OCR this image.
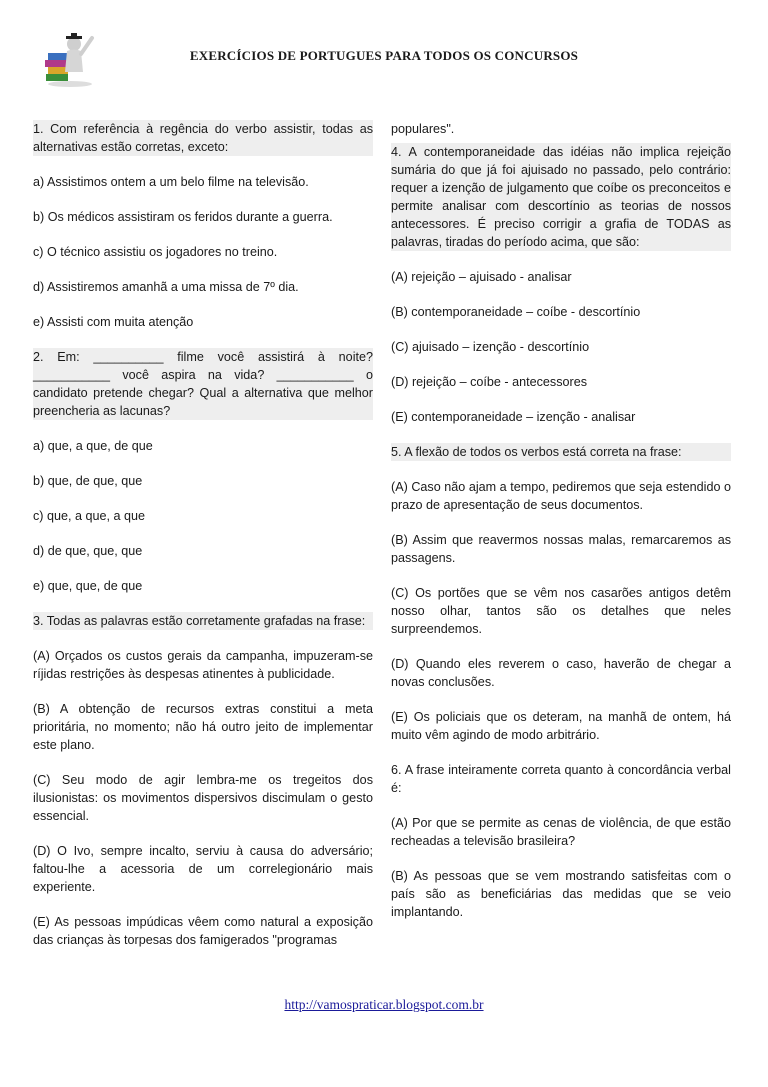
EXERCÍCIOS DE PORTUGUES PARA TODOS OS CONCURSOS

1. Com referência à regência do verbo assistir, todas as alternativas estão corretas, exceto:

a) Assistimos ontem a um belo filme na televisão.

b) Os médicos assistiram os feridos durante a guerra.

c) O técnico assistiu os jogadores no treino.

d) Assistiremos amanhã a uma missa de 7º dia.

e) Assisti com muita atenção

2. Em: __________ filme você assistirá à noite? ___________ você aspira na vida? ___________ o candidato pretende chegar? Qual a alternativa que melhor preencheria as lacunas?

a) que, a que, de que

b) que, de que, que

c) que, a que, a que

d) de que, que, que

e) que, que, de que

3. Todas as palavras estão corretamente grafadas na frase:

(A) Orçados os custos gerais da campanha, impuzeram-se ríjidas restrições às despesas atinentes à publicidade.

(B) A obtenção de recursos extras constitui a meta prioritária, no momento; não há outro jeito de implementar este plano.

(C) Seu modo de agir lembra-me os tregeitos dos ilusionistas: os movimentos dispersivos discimulam o gesto essencial.

(D) O Ivo, sempre incalto, serviu à causa do adversário; faltou-lhe a acessoria de um correlegionário mais experiente.

(E) As pessoas impúdicas vêem como natural a exposição das crianças às torpesas dos famigerados "programas

populares".

4. A contemporaneidade das idéias não implica rejeição sumária do que já foi ajuisado no passado, pelo contrário: requer a izenção de julgamento que coíbe os preconceitos e permite analisar com descortínio as teorias de nossos antecessores. É preciso corrigir a grafia de TODAS as palavras, tiradas do período acima, que são:

(A) rejeição – ajuisado - analisar

(B) contemporaneidade – coíbe - descortínio

(C) ajuisado – izenção - descortínio

(D) rejeição – coíbe - antecessores

(E) contemporaneidade – izenção - analisar

5. A flexão de todos os verbos está correta na frase:

(A) Caso não ajam a tempo, pediremos que seja estendido o prazo de apresentação de seus documentos.

(B) Assim que reavermos nossas malas, remarcaremos as passagens.

(C) Os portões que se vêm nos casarões antigos detêm nosso olhar, tantos são os detalhes que neles surpreendemos.

(D) Quando eles reverem o caso, haverão de chegar a novas conclusões.

(E) Os policiais que os deteram, na manhã de ontem, há muito vêm agindo de modo arbitrário.

6. A frase inteiramente correta quanto à concordância verbal é:

(A) Por que se permite as cenas de violência, de que estão recheadas a televisão brasileira?

(B) As pessoas que se vem mostrando satisfeitas com o país são as beneficiárias das medidas que se veio implantando.

http://vamospraticar.blogspot.com.br
